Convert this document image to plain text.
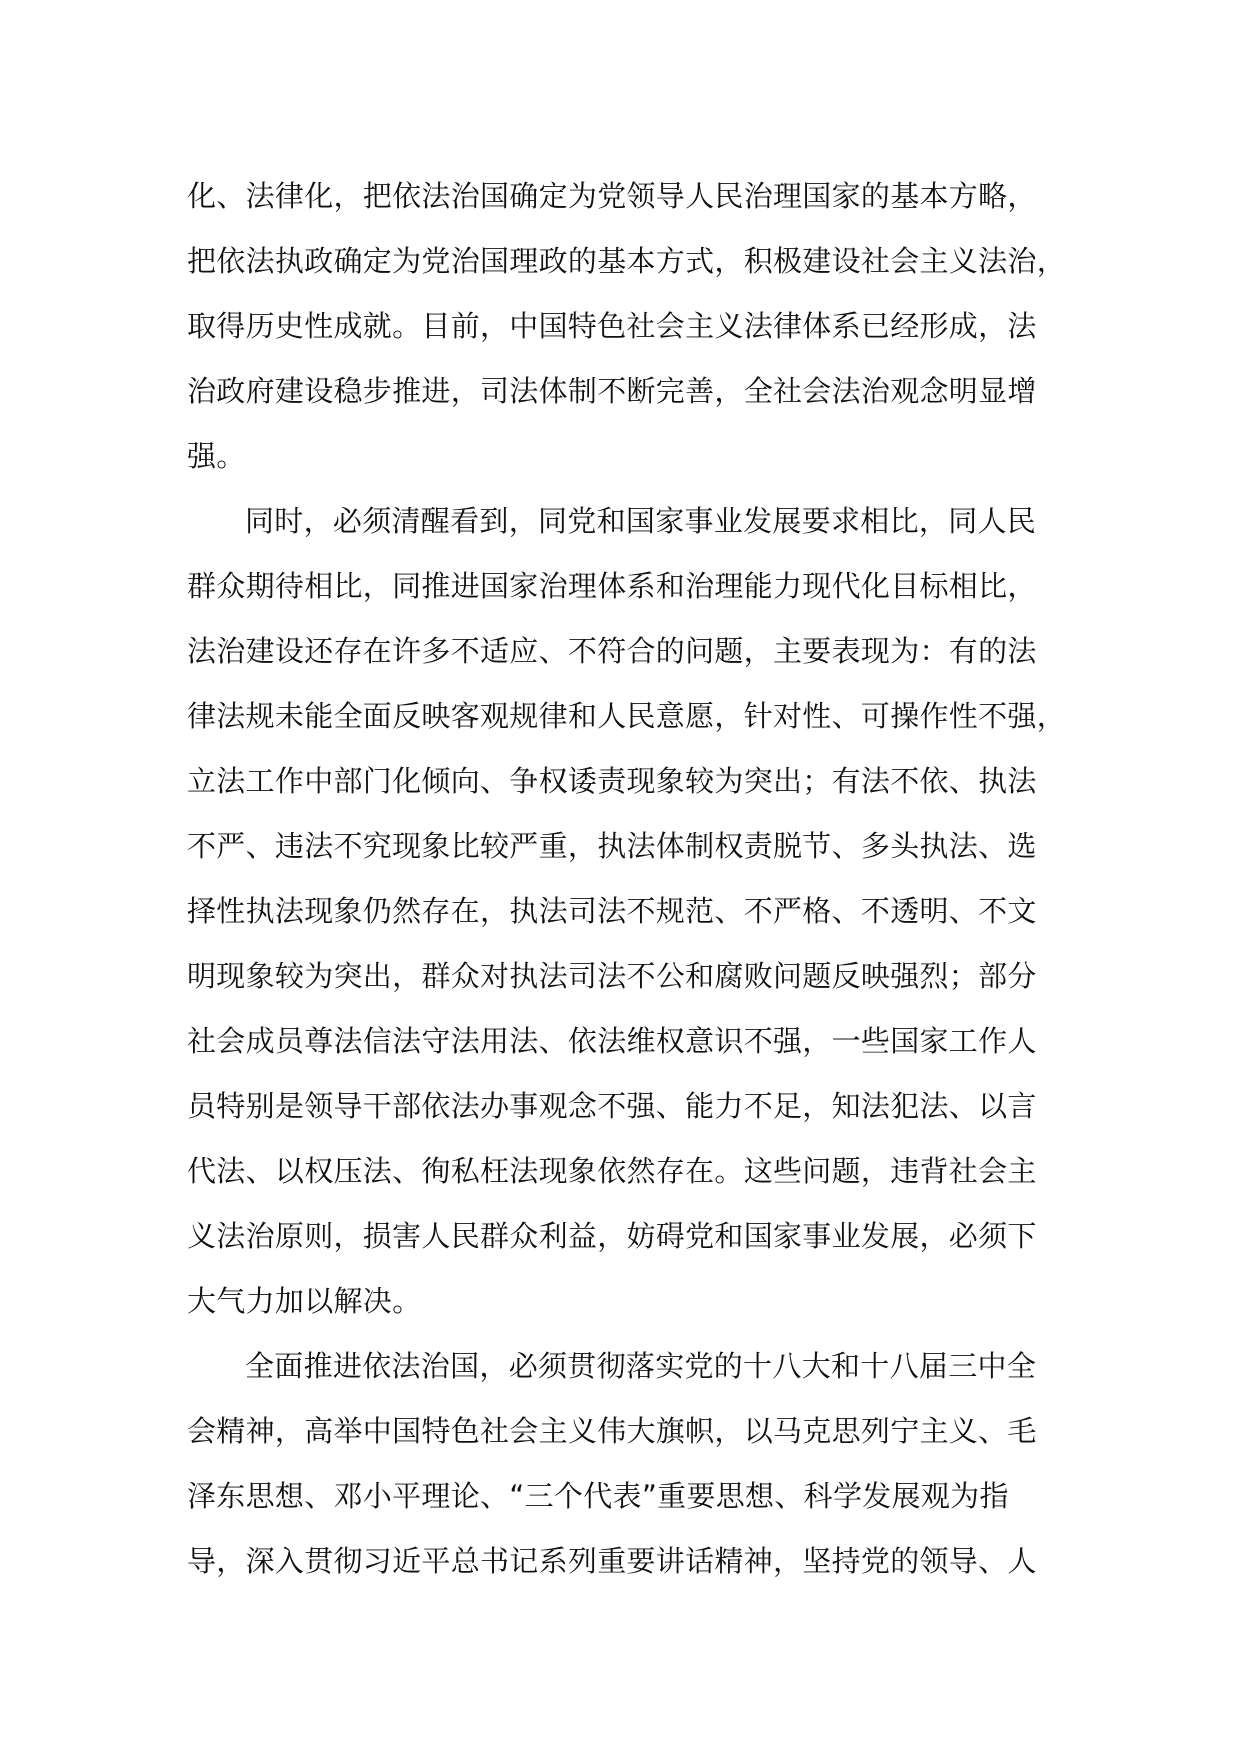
化、法律化，把依法治国确定为党领导人民治理国家的基本方略，
把依法执政确定为党治国理政的基本方式，积极建设社会主义法治，
取得历史性成就。目前，中国特色社会主义法律体系已经形成，法
治政府建设稳步推进，司法体制不断完善，全社会法治观念明显增
强。
同时，必须清醒看到，同党和国家事业发展要求相比，同人民
群众期待相比，同推进国家治理体系和治理能力现代化目标相比，
法治建设还存在许多不适应、不符合的问题，主要表现为：有的法
律法规未能全面反映客观规律和人民意愿，针对性、可操作性不强，
立法工作中部门化倾向、争权诿责现象较为突出；有法不依、执法
不严、违法不究现象比较严重，执法体制权责脱节、多头执法、选
择性执法现象仍然存在，执法司法不规范、不严格、不透明、不文
明现象较为突出，群众对执法司法不公和腐败问题反映强烈；部分
社会成员尊法信法守法用法、依法维权意识不强，一些国家工作人
员特别是领导干部依法办事观念不强、能力不足，知法犯法、以言
代法、以权压法、徇私枉法现象依然存在。这些问题，违背社会主
义法治原则，损害人民群众利益，妨碍党和国家事业发展，必须下
大气力加以解决。
全面推进依法治国，必须贯彻落实党的十八大和十八届三中全
会精神，高举中国特色社会主义伟大旗帜，以马克思列宁主义、毛
泽东思想、邓小平理论、“三个代表”重要思想、科学发展观为指
导，深入贯彻习近平总书记系列重要讲话精神，坚持党的领导、人
